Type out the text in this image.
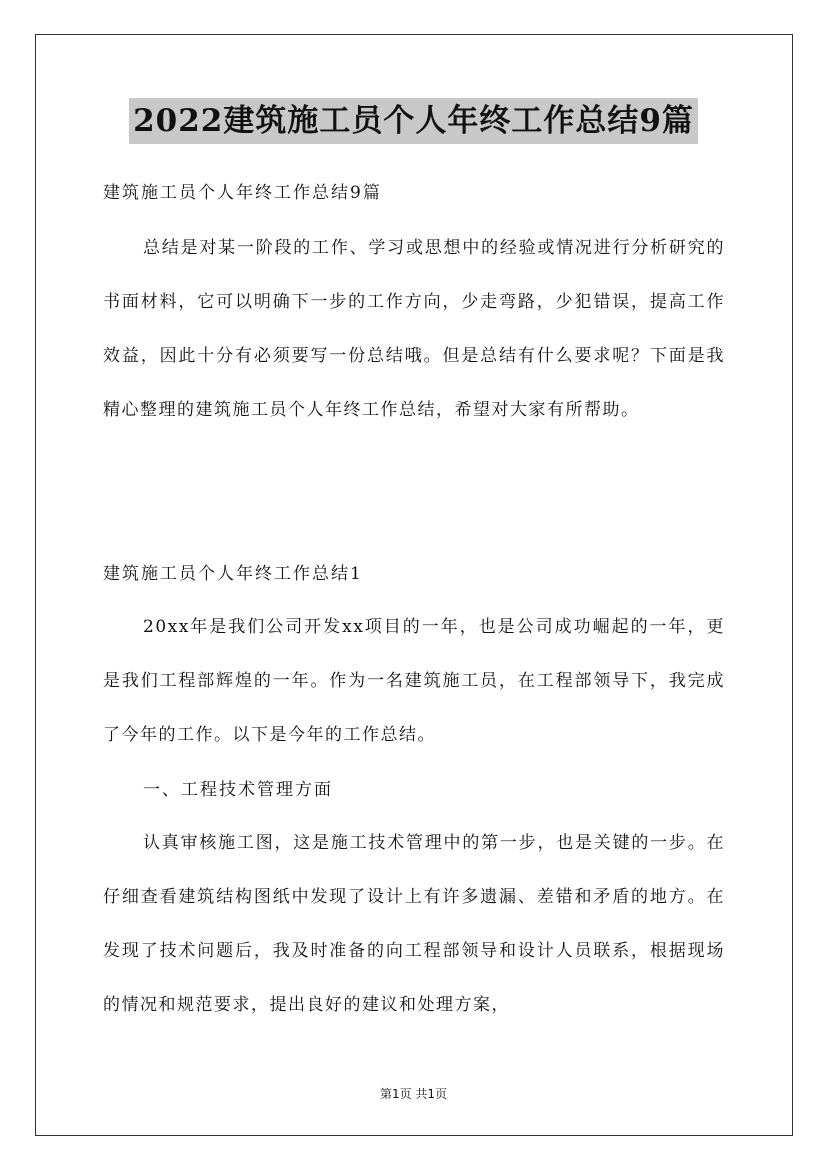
2022建筑施工员个人年终工作总结9篇
建筑施工员个人年终工作总结9篇

总结是对某一阶段的工作、学习或思想中的经验或情况进行分析研究的书面材料，它可以明确下一步的工作方向，少走弯路，少犯错误，提高工作效益，因此十分有必须要写一份总结哦。但是总结有什么要求呢？下面是我精心整理的建筑施工员个人年终工作总结，希望对大家有所帮助。

建筑施工员个人年终工作总结1

20xx年是我们公司开发xx项目的一年，也是公司成功崛起的一年，更是我们工程部辉煌的一年。作为一名建筑施工员，在工程部领导下，我完成了今年的工作。以下是今年的工作总结。

一、工程技术管理方面

认真审核施工图，这是施工技术管理中的第一步，也是关键的一步。在仔细查看建筑结构图纸中发现了设计上有许多遗漏、差错和矛盾的地方。在发现了技术问题后，我及时准备的向工程部领导和设计人员联系，根据现场的情况和规范要求，提出良好的建议和处理方案，

第1页 共1页
